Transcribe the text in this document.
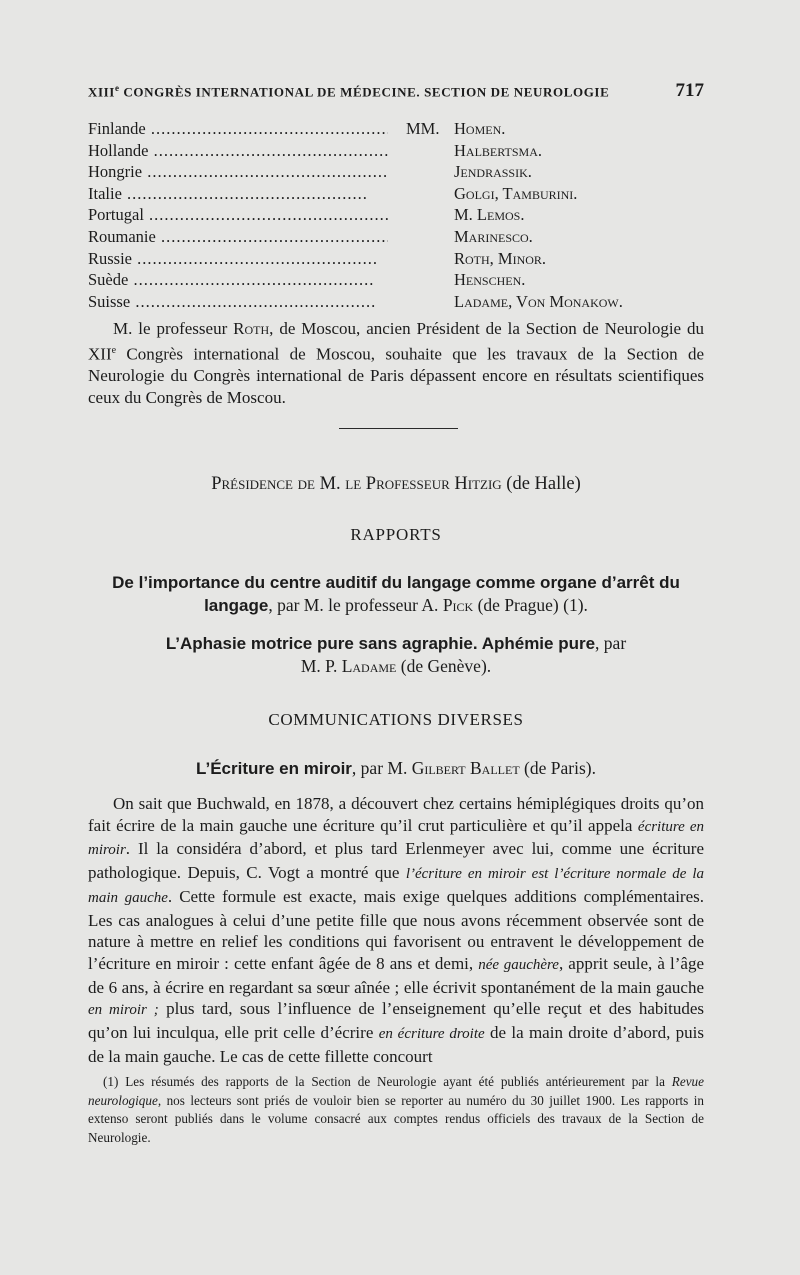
XIIIe CONGRÈS INTERNATIONAL DE MÉDECINE. SECTION DE NEUROLOGIE	717
Finlande .....	MM. Homen.
Hollande .....	Halbertsma.
Hongrie .....	Jendrassik.
Italie .....	Golgi, Tamburini.
Portugal .....	M. Lemos.
Roumanie .....	Marinesco.
Russie .....	Roth, Minor.
Suède .....	Henschen.
Suisse .....	Ladame, Von Monakow.

M. le professeur Roth, de Moscou, ancien Président de la Section de Neurologie du XIIe Congrès international de Moscou, souhaite que les travaux de la Section de Neurologie du Congrès international de Paris dépassent encore en résultats scientifiques ceux du Congrès de Moscou.

Présidence de M. le Professeur Hitzig (de Halle)
RAPPORTS
De l’importance du centre auditif du langage comme organe d’arrêt du langage, par M. le professeur A. Pick (de Prague) (1).
L’Aphasie motrice pure sans agraphie. Aphémie pure, par
M. P. Ladame (de Genève).
COMMUNICATIONS DIVERSES
L’Écriture en miroir, par M. Gilbert Ballet (de Paris).

On sait que Buchwald, en 1878, a découvert chez certains hémiplégiques droits qu’on fait écrire de la main gauche une écriture qu’il crut particulière et qu’il appela écriture en miroir. Il la considéra d’abord, et plus tard Erlenmeyer avec lui, comme une écriture pathologique. Depuis, C. Vogt a montré que l’écriture en miroir est l’écriture normale de la main gauche. Cette formule est exacte, mais exige quelques additions complémentaires. Les cas analogues à celui d’une petite fille que nous avons récemment observée sont de nature à mettre en relief les conditions qui favorisent ou entravent le développement de l’écriture en miroir : cette enfant âgée de 8 ans et demi, née gauchère, apprit seule, à l’âge de 6 ans, à écrire en regardant sa sœur aînée ; elle écrivit spontanément de la main gauche en miroir ; plus tard, sous l’influence de l’enseignement qu’elle reçut et des habitudes qu’on lui inculqua, elle prit celle d’écrire en écriture droite de la main droite d’abord, puis de la main gauche. Le cas de cette fillette concourt

(1) Les résumés des rapports de la Section de Neurologie ayant été publiés antérieurement par la Revue neurologique, nos lecteurs sont priés de vouloir bien se reporter au numéro du 30 juillet 1900. Les rapports in extenso seront publiés dans le volume consacré aux comptes rendus officiels des travaux de la Section de Neurologie.
